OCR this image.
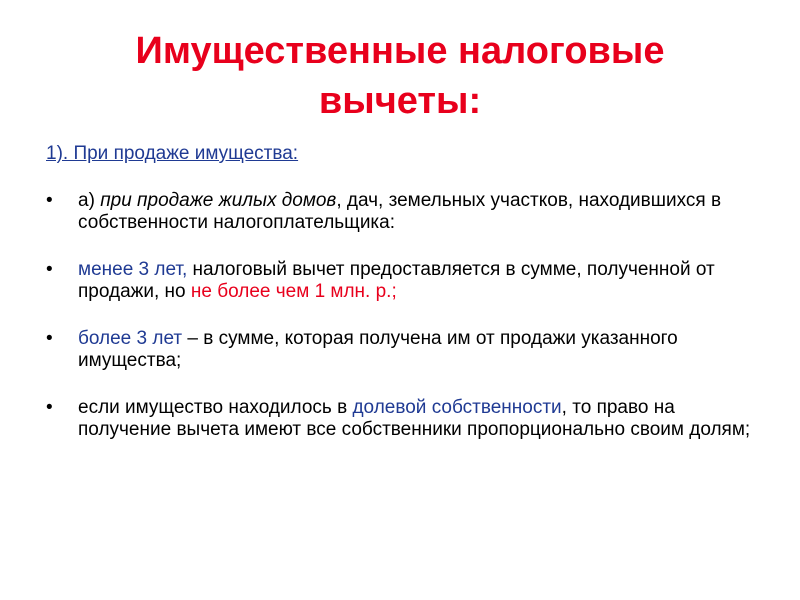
Имущественные налоговые
вычеты:

1). При продаже имущества:

•	а) при продаже жилых домов, дач, земельных участков, находившихся в собственности налогоплательщика:
•	менее 3 лет, налоговый вычет предоставляется в сумме, полученной от продажи, но не более чем 1 млн. р.;
•	более 3 лет – в сумме, которая получена им от продажи указанного имущества;
•	если имущество находилось в долевой собственности, то право на получение вычета имеют все собственники пропорционально своим долям;
